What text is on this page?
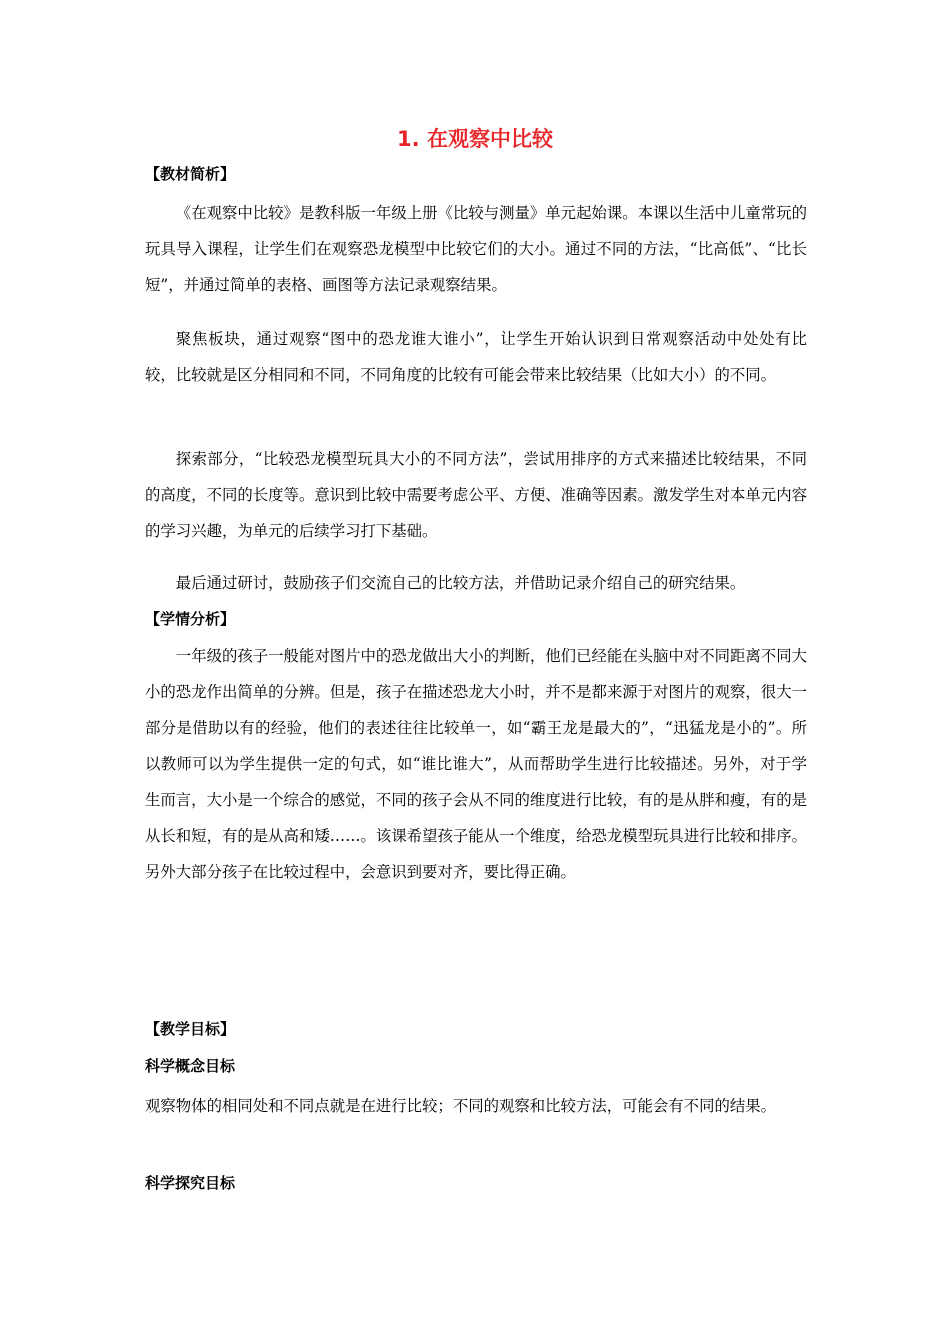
1. 在观察中比较
【教材简析】

《在观察中比较》是教科版一年级上册《比较与测量》单元起始课。本课以生活中儿童常玩的玩具导入课程，让学生们在观察恐龙模型中比较它们的大小。通过不同的方法，“比高低”、“比长短”，并通过简单的表格、画图等方法记录观察结果。

聚焦板块，通过观察“图中的恐龙谁大谁小”，让学生开始认识到日常观察活动中处处有比较，比较就是区分相同和不同，不同角度的比较有可能会带来比较结果（比如大小）的不同。

探索部分，“比较恐龙模型玩具大小的不同方法”，尝试用排序的方式来描述比较结果，不同的高度，不同的长度等。意识到比较中需要考虑公平、方便、准确等因素。激发学生对本单元内容的学习兴趣，为单元的后续学习打下基础。

最后通过研讨，鼓励孩子们交流自己的比较方法，并借助记录介绍自己的研究结果。

【学情分析】

一年级的孩子一般能对图片中的恐龙做出大小的判断，他们已经能在头脑中对不同距离不同大小的恐龙作出简单的分辨。但是，孩子在描述恐龙大小时，并不是都来源于对图片的观察，很大一部分是借助以有的经验，他们的表述往往比较单一，如“霸王龙是最大的”，“迅猛龙是小的”。所以教师可以为学生提供一定的句式，如“谁比谁大”，从而帮助学生进行比较描述。另外，对于学生而言，大小是一个综合的感觉，不同的孩子会从不同的维度进行比较，有的是从胖和瘦，有的是从长和短，有的是从高和矮……。该课希望孩子能从一个维度，给恐龙模型玩具进行比较和排序。另外大部分孩子在比较过程中，会意识到要对齐，要比得正确。

【教学目标】
科学概念目标

观察物体的相同处和不同点就是在进行比较；不同的观察和比较方法，可能会有不同的结果。

科学探究目标
